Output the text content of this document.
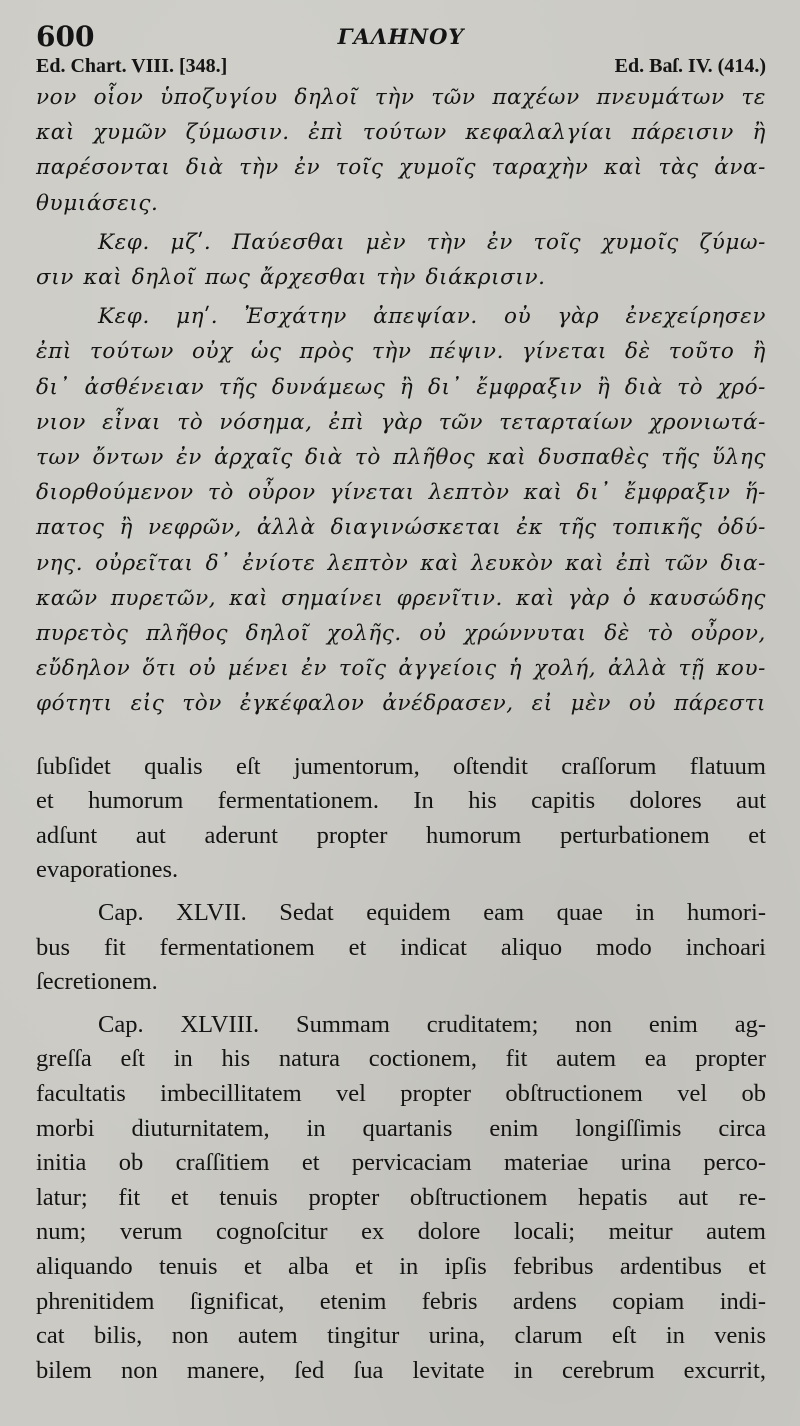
600	ΓΑΛΗΝΟΥ
Ed. Chart. VIII. [348.]	Ed. Baſ. IV. (414.)
νον οἷον ὑποζυγίου δηλοῖ τὴν τῶν παχέων πνευμάτων τε
καὶ χυμῶν ζύμωσιν. ἐπὶ τούτων κεφαλαλγίαι πάρεισιν ἢ
παρέσονται διὰ τὴν ἐν τοῖς χυμοῖς ταραχὴν καὶ τὰς ἀνα-
θυμιάσεις.
Κεφ. μζʹ. Παύεσθαι μὲν τὴν ἐν τοῖς χυμοῖς ζύμω-
σιν καὶ δηλοῖ πως ἄρχεσθαι τὴν διάκρισιν.
Κεφ. μηʹ. Ἐσχάτην ἀπεψίαν. οὐ γὰρ ἐνεχείρησεν
ἐπὶ τούτων οὐχ ὡς πρὸς τὴν πέψιν. γίνεται δὲ τοῦτο ἢ
δι᾽ ἀσθένειαν τῆς δυνάμεως ἢ δι᾽ ἔμφραξιν ἢ διὰ τὸ χρό-
νιον εἶναι τὸ νόσημα, ἐπὶ γὰρ τῶν τεταρταίων χρονιωτά-
των ὄντων ἐν ἀρχαῖς διὰ τὸ πλῆθος καὶ δυσπαθὲς τῆς ὕλης
διορθούμενον τὸ οὖρον γίνεται λεπτὸν καὶ δι᾽ ἔμφραξιν ἥ-
πατος ἢ νεφρῶν, ἀλλὰ διαγινώσκεται ἐκ τῆς τοπικῆς ὀδύ-
νης. οὐρεῖται δ᾽ ἐνίοτε λεπτὸν καὶ λευκὸν καὶ ἐπὶ τῶν δια-
καῶν πυρετῶν, καὶ σημαίνει φρενῖτιν. καὶ γὰρ ὁ καυσώδης
πυρετὸς πλῆθος δηλοῖ χολῆς. οὐ χρώννυται δὲ τὸ οὖρον,
εὔδηλον ὅτι οὐ μένει ἐν τοῖς ἀγγείοις ἡ χολή, ἀλλὰ τῇ κου-
φότητι εἰς τὸν ἐγκέφαλον ἀνέδρασεν, εἰ μὲν οὐ πάρεστι
ſubſidet qualis eſt jumentorum, oſtendit craſſorum flatuum
et humorum fermentationem. In his capitis dolores aut
adſunt aut aderunt propter humorum perturbationem et
evaporationes.
Cap. XLVII. Sedat equidem eam quae in humori-
bus fit fermentationem et indicat aliquo modo inchoari
ſecretionem.
Cap. XLVIII. Summam cruditatem; non enim ag-
greſſa eſt in his natura coctionem, fit autem ea propter
facultatis imbecillitatem vel propter obſtructionem vel ob
morbi diuturnitatem, in quartanis enim longiſſimis circa
initia ob craſſitiem et pervicaciam materiae urina perco-
latur; fit et tenuis propter obſtructionem hepatis aut re-
num; verum cognoſcitur ex dolore locali; meitur autem
aliquando tenuis et alba et in ipſis febribus ardentibus et
phrenitidem ſignificat, etenim febris ardens copiam indi-
cat bilis, non autem tingitur urina, clarum eſt in venis
bilem non manere, ſed ſua levitate in cerebrum excurrit,
